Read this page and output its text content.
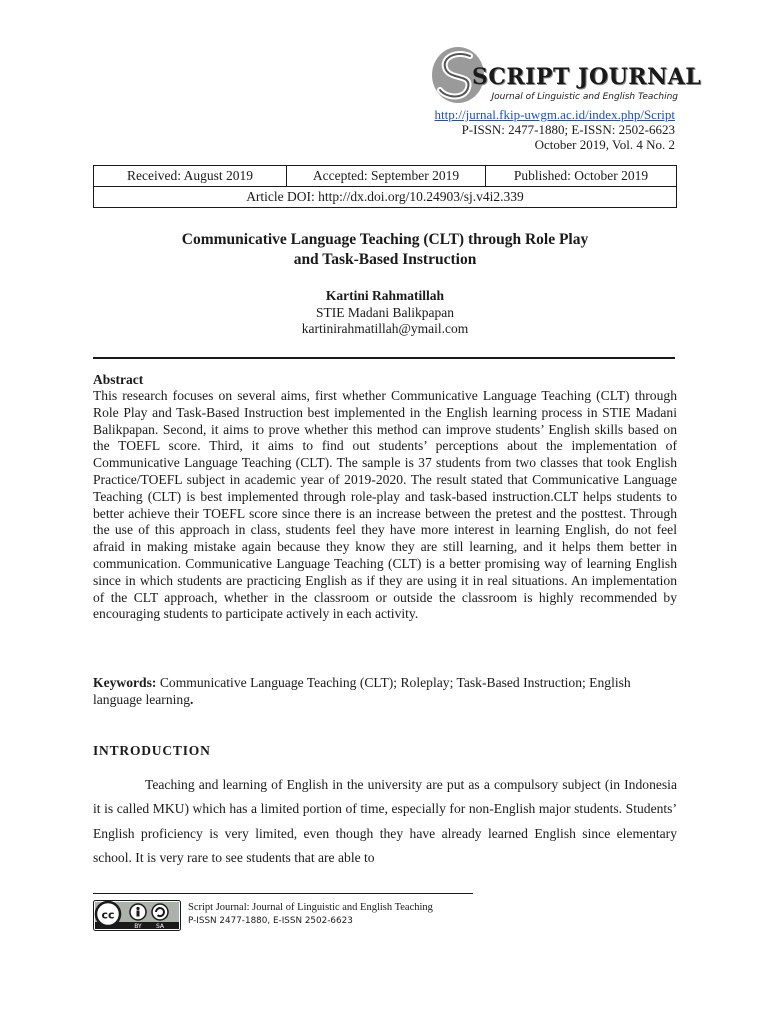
SCRIPT JOURNAL
Journal of Linguistic and English Teaching
http://jurnal.fkip-uwgm.ac.id/index.php/Script
P-ISSN: 2477-1880; E-ISSN: 2502-6623
October 2019, Vol. 4 No. 2
Received: August 2019	Accepted: September 2019	Published: October 2019
Article DOI: http://dx.doi.org/10.24903/sj.v4i2.339
Communicative Language Teaching (CLT) through Role Play
and Task-Based Instruction
Kartini Rahmatillah
STIE Madani Balikpapan
kartinirahmatillah@ymail.com
Abstract
This research focuses on several aims, first whether Communicative Language Teaching (CLT) through Role Play and Task-Based Instruction best implemented in the English learning process in STIE Madani Balikpapan. Second, it aims to prove whether this method can improve students’ English skills based on the TOEFL score. Third, it aims to find out students’ perceptions about the implementation of Communicative Language Teaching (CLT). The sample is 37 students from two classes that took English Practice/TOEFL subject in academic year of 2019-2020. The result stated that Communicative Language Teaching (CLT) is best implemented through role-play and task-based instruction.CLT helps students to better achieve their TOEFL score since there is an increase between the pretest and the posttest. Through the use of this approach in class, students feel they have more interest in learning English, do not feel afraid in making mistake again because they know they are still learning, and it helps them better in communication. Communicative Language Teaching (CLT) is a better promising way of learning English since in which students are practicing English as if they are using it in real situations. An implementation of the CLT approach, whether in the classroom or outside the classroom is highly recommended by encouraging students to participate actively in each activity.
Keywords: Communicative Language Teaching (CLT); Roleplay; Task-Based Instruction; English language learning.
INTRODUCTION
Teaching and learning of English in the university are put as a compulsory subject (in Indonesia it is called MKU) which has a limited portion of time, especially for non-English major students. Students’ English proficiency is very limited, even though they have already learned English since elementary school. It is very rare to see students that are able to
cc
BY SA
Script Journal: Journal of Linguistic and English Teaching
P-ISSN 2477-1880, E-ISSN 2502-6623
